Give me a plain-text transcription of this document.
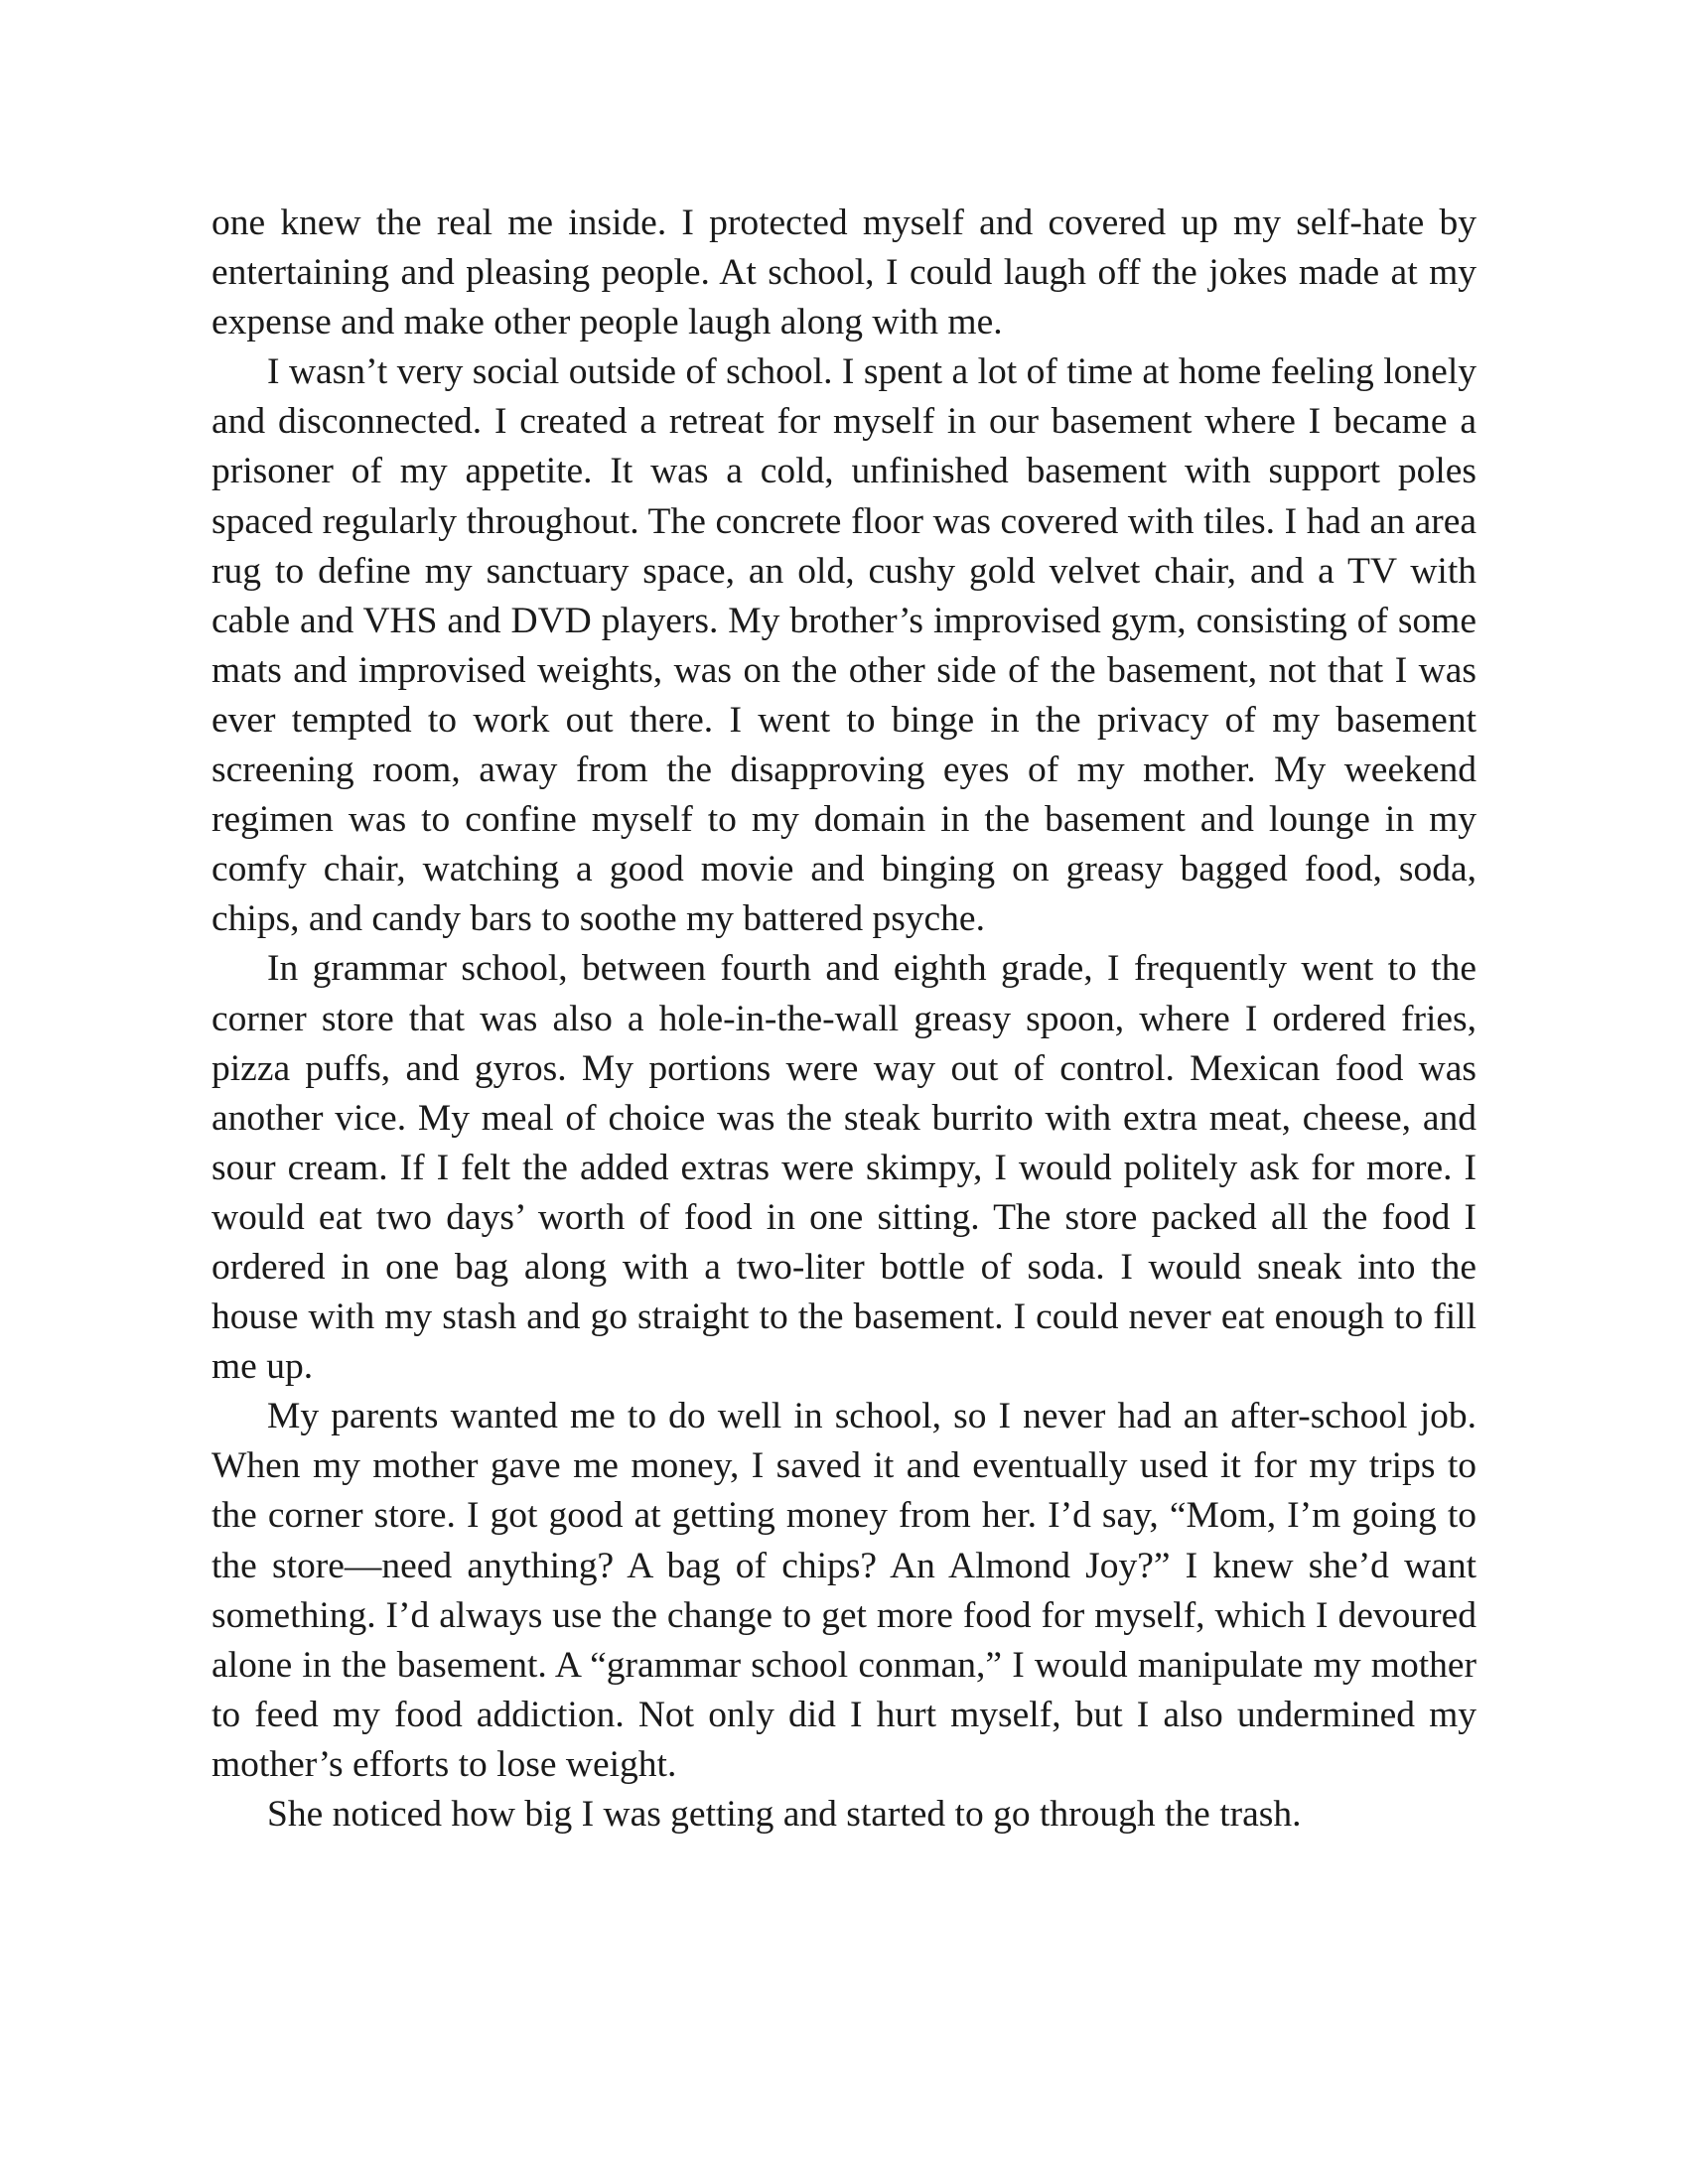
one knew the real me inside. I protected myself and covered up my self-hate by entertaining and pleasing people. At school, I could laugh off the jokes made at my expense and make other people laugh along with me.

I wasn’t very social outside of school. I spent a lot of time at home feeling lonely and disconnected. I created a retreat for myself in our basement where I became a prisoner of my appetite. It was a cold, unfinished basement with support poles spaced regularly throughout. The concrete floor was covered with tiles. I had an area rug to define my sanctuary space, an old, cushy gold velvet chair, and a TV with cable and VHS and DVD players. My brother’s improvised gym, consisting of some mats and improvised weights, was on the other side of the basement, not that I was ever tempted to work out there. I went to binge in the privacy of my basement screening room, away from the disapproving eyes of my mother. My weekend regimen was to confine myself to my domain in the basement and lounge in my comfy chair, watching a good movie and binging on greasy bagged food, soda, chips, and candy bars to soothe my battered psyche.

In grammar school, between fourth and eighth grade, I frequently went to the corner store that was also a hole-in-the-wall greasy spoon, where I ordered fries, pizza puffs, and gyros. My portions were way out of control. Mexican food was another vice. My meal of choice was the steak burrito with extra meat, cheese, and sour cream. If I felt the added extras were skimpy, I would politely ask for more. I would eat two days’ worth of food in one sitting. The store packed all the food I ordered in one bag along with a two-liter bottle of soda. I would sneak into the house with my stash and go straight to the basement. I could never eat enough to fill me up.

My parents wanted me to do well in school, so I never had an after-school job. When my mother gave me money, I saved it and eventually used it for my trips to the corner store. I got good at getting money from her. I’d say, “Mom, I’m going to the store—need anything? A bag of chips? An Almond Joy?” I knew she’d want something. I’d always use the change to get more food for myself, which I devoured alone in the basement. A “grammar school conman,” I would manipulate my mother to feed my food addiction. Not only did I hurt myself, but I also undermined my mother’s efforts to lose weight.

She noticed how big I was getting and started to go through the trash.
